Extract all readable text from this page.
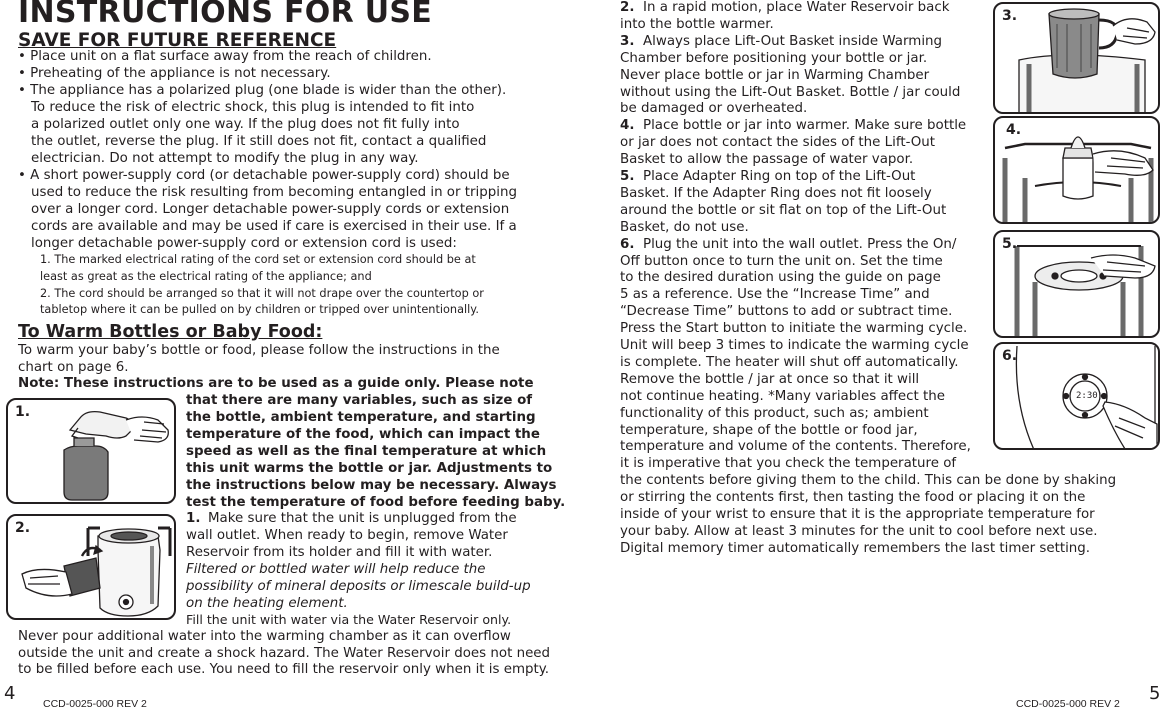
INSTRUCTIONS FOR USE
SAVE FOR FUTURE REFERENCE
• Place unit on a flat surface away from the reach of children.
• Preheating of the appliance is not necessary.
• The appliance has a polarized plug (one blade is wider than the other).
To reduce the risk of electric shock, this plug is intended to fit into
a polarized outlet only one way. If the plug does not fit fully into
the outlet, reverse the plug. If it still does not fit, contact a qualified
electrician. Do not attempt to modify the plug in any way.
• A short power-supply cord (or detachable power-supply cord) should be
used to reduce the risk resulting from becoming entangled in or tripping
over a longer cord. Longer detachable power-supply cords or extension
cords are available and may be used if care is exercised in their use. If a
longer detachable power-supply cord or extension cord is used:
1. The marked electrical rating of the cord set or extension cord should be at
least as great as the electrical rating of the appliance; and
2. The cord should be arranged so that it will not drape over the countertop or
tabletop where it can be pulled on by children or tripped over unintentionally.
To Warm Bottles or Baby Food:
To warm your baby’s bottle or food, please follow the instructions in the
chart on page 6.
Note: These instructions are to be used as a guide only. Please note
that there are many variables, such as size of
the bottle, ambient temperature, and starting
temperature of the food, which can impact the
speed as well as the final temperature at which
this unit warms the bottle or jar. Adjustments to
the instructions below may be necessary. Always
test the temperature of food before feeding baby.
1. Make sure that the unit is unplugged from the
wall outlet. When ready to begin, remove Water
Reservoir from its holder and fill it with water.
Filtered or bottled water will help reduce the
possibility of mineral deposits or limescale build-up
on the heating element.
Fill the unit with water via the Water Reservoir only.
Never pour additional water into the warming chamber as it can overflow
outside the unit and create a shock hazard. The Water Reservoir does not need
to be filled before each use. You need to fill the reservoir only when it is empty.
1.
2.
4	CCD-0025-000 REV 2
2. In a rapid motion, place Water Reservoir back
into the bottle warmer.
3. Always place Lift-Out Basket inside Warming
Chamber before positioning your bottle or jar.
Never place bottle or jar in Warming Chamber
without using the Lift-Out Basket. Bottle / jar could
be damaged or overheated.
4. Place bottle or jar into warmer. Make sure bottle
or jar does not contact the sides of the Lift-Out
Basket to allow the passage of water vapor.
5. Place Adapter Ring on top of the Lift-Out
Basket. If the Adapter Ring does not fit loosely
around the bottle or sit flat on top of the Lift-Out
Basket, do not use.
6. Plug the unit into the wall outlet. Press the On/
Off button once to turn the unit on. Set the time
to the desired duration using the guide on page
5 as a reference. Use the “Increase Time” and
“Decrease Time” buttons to add or subtract time.
Press the Start button to initiate the warming cycle.
Unit will beep 3 times to indicate the warming cycle
is complete. The heater will shut off automatically.
Remove the bottle / jar at once so that it will
not continue heating. *Many variables affect the
functionality of this product, such as; ambient
temperature, shape of the bottle or food jar,
temperature and volume of the contents. Therefore,
it is imperative that you check the temperature of
the contents before giving them to the child. This can be done by shaking
or stirring the contents first, then tasting the food or placing it on the
inside of your wrist to ensure that it is the appropriate temperature for
your baby. Allow at least 3 minutes for the unit to cool before next use.
Digital memory timer automatically remembers the last timer setting.
3.
4.
5.
2:30
6.
CCD-0025-000 REV 2 5
